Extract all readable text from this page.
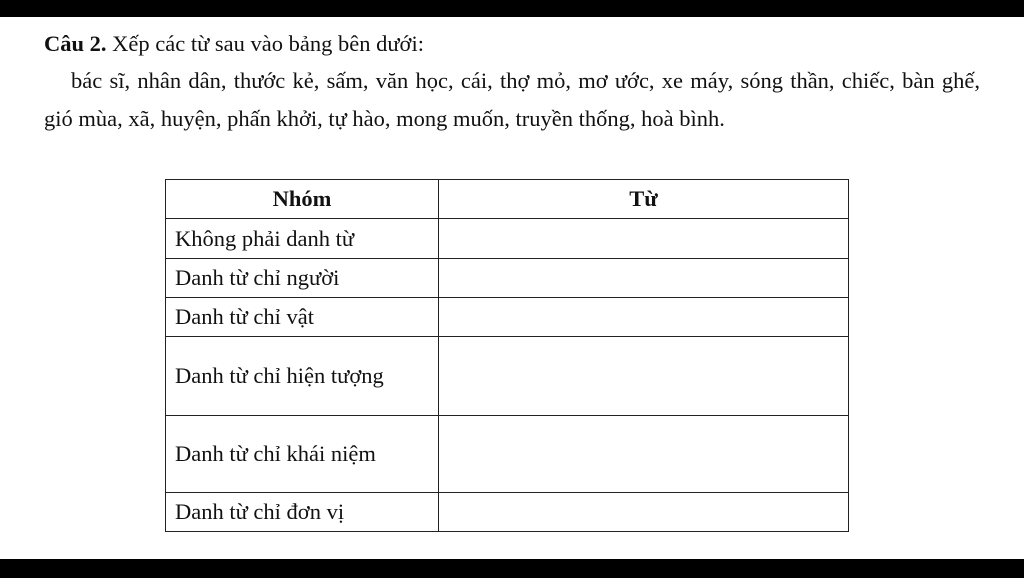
Câu 2. Xếp các từ sau vào bảng bên dưới:
bác sĩ, nhân dân, thước kẻ, sấm, văn học, cái, thợ mỏ, mơ ước, xe máy, sóng thần, chiếc, bàn ghế, gió mùa, xã, huyện, phấn khởi, tự hào, mong muốn, truyền thống, hoà bình.
Nhóm	Từ
Không phải danh từ	
Danh từ chỉ người	
Danh từ chỉ vật	
Danh từ chỉ hiện tượng	
Danh từ chỉ khái niệm	
Danh từ chỉ đơn vị	
